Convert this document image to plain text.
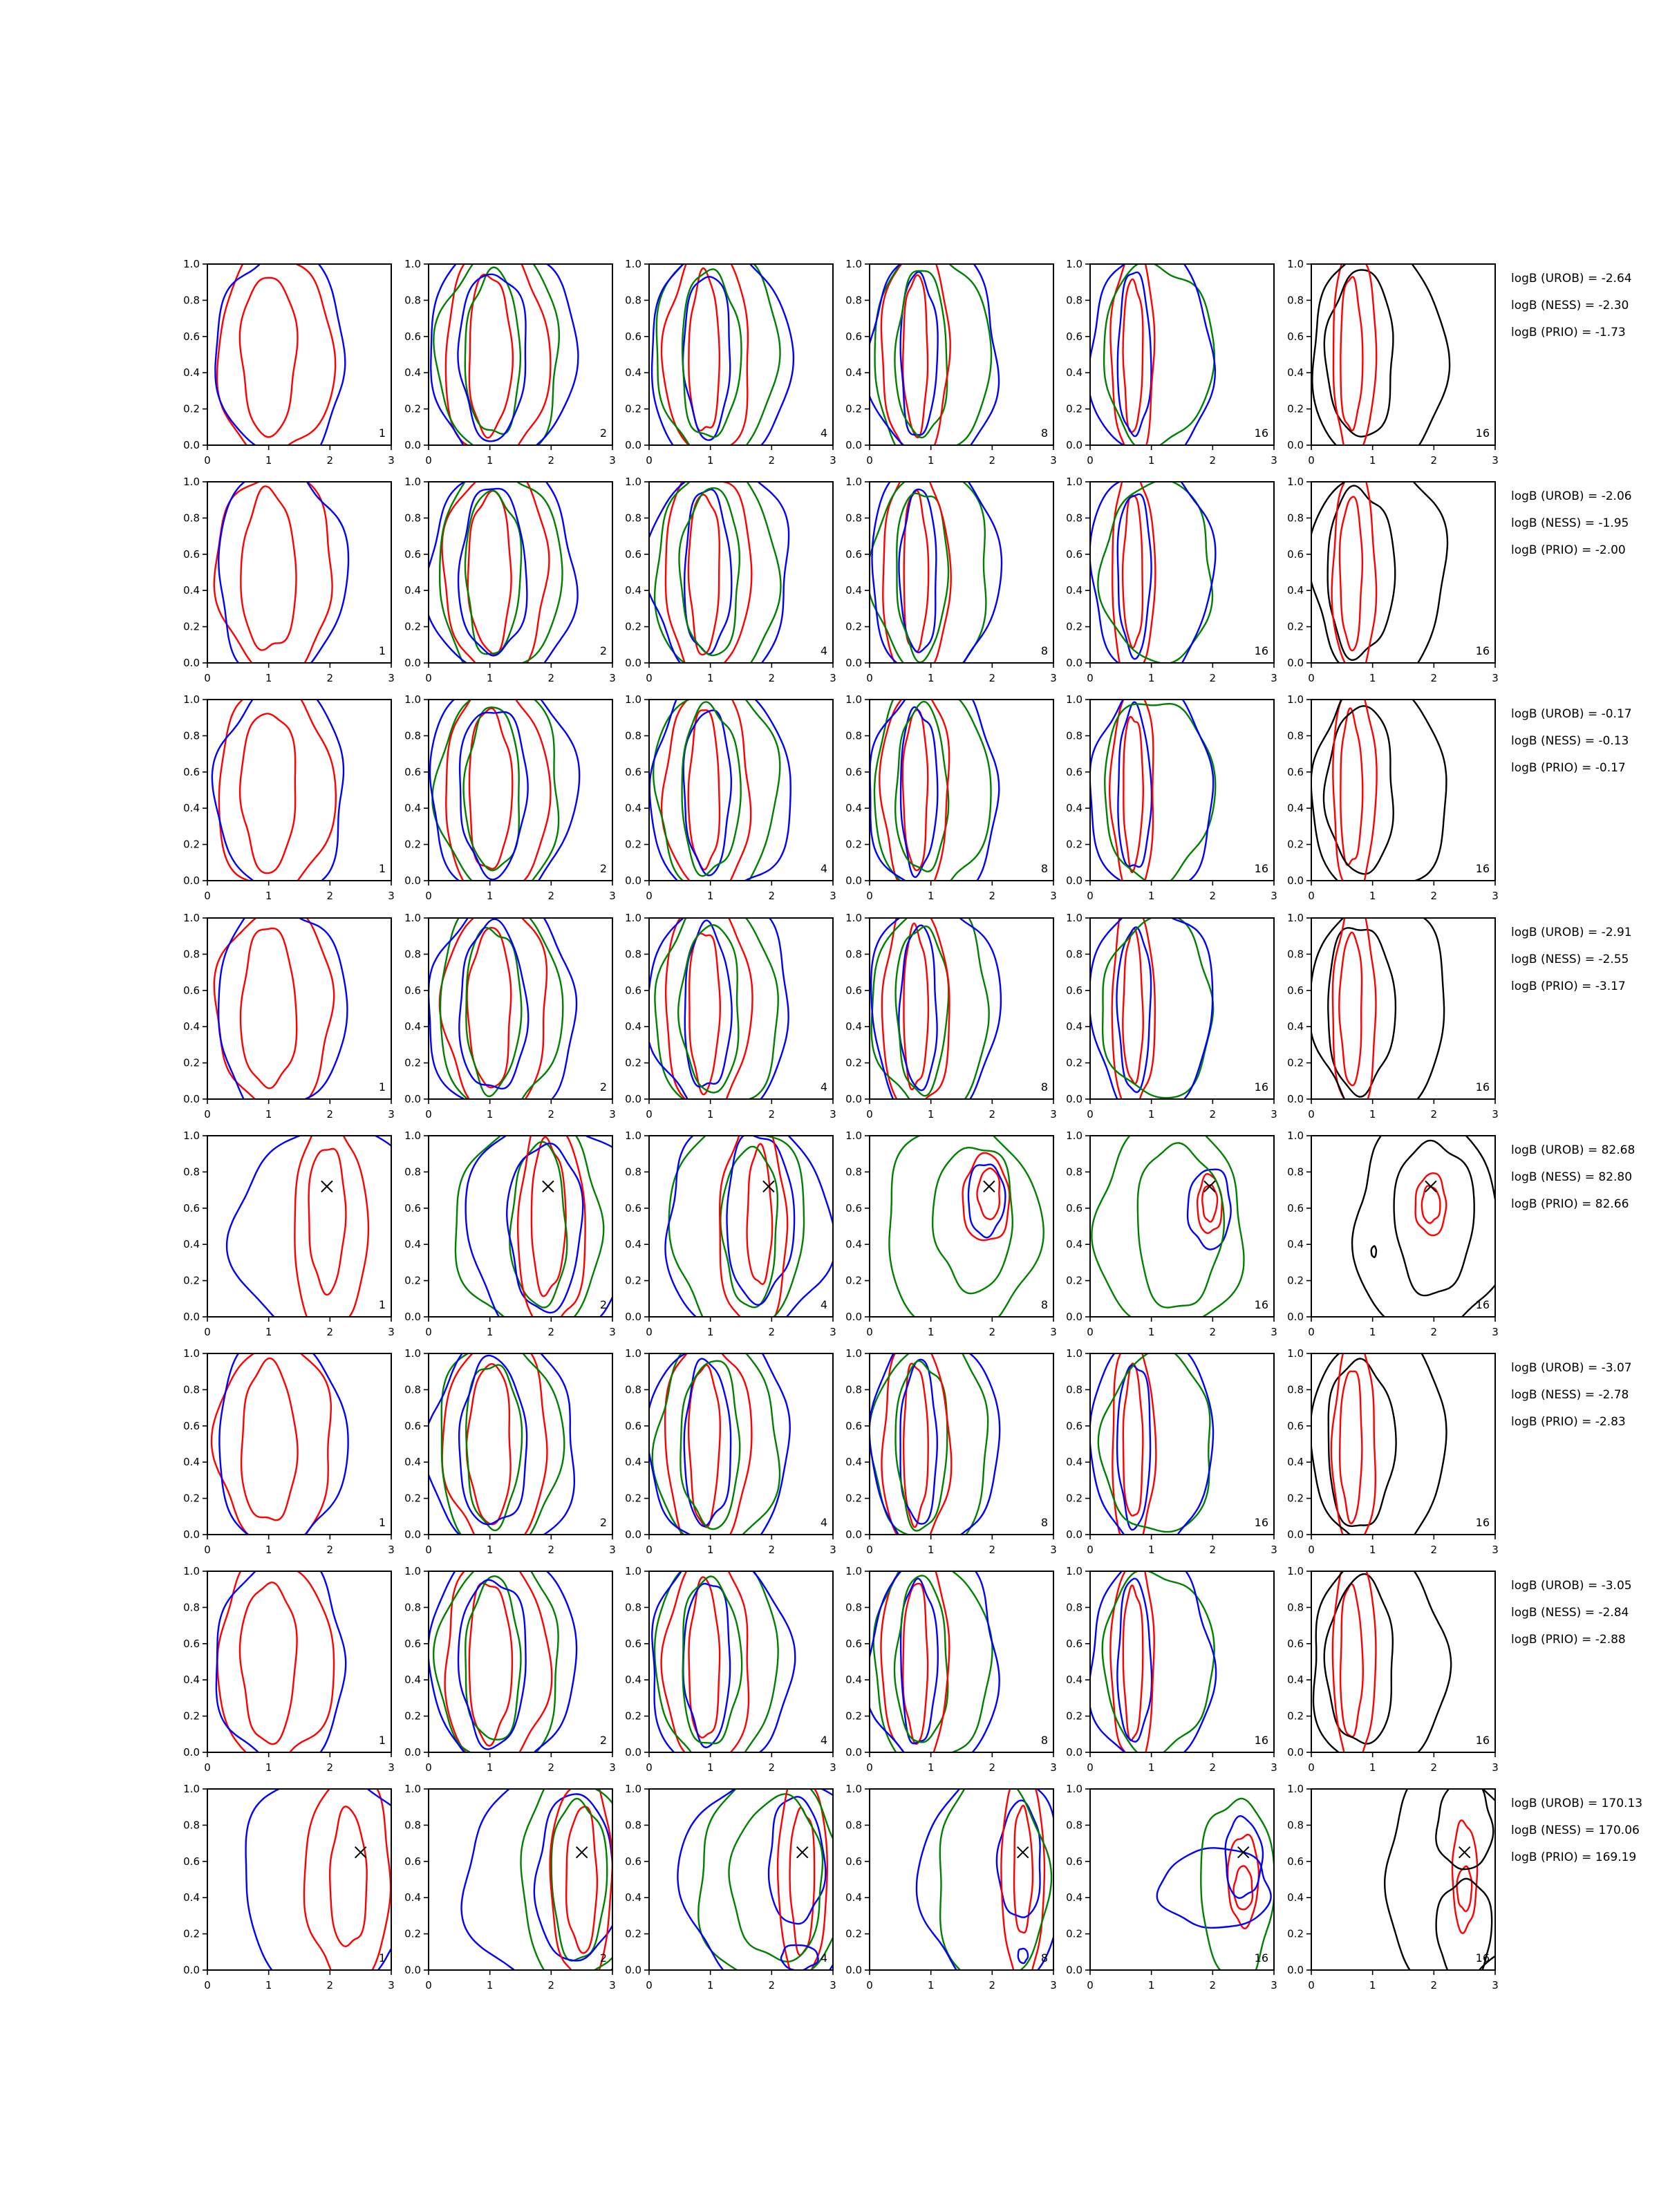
0	1	2	3
0.0
0.2
0.4
0.6
0.8
1.0
1
0	1	2	3
0.0
0.2
0.4
0.6
0.8
1.0
2
0	1	2	3
0.0
0.2
0.4
0.6
0.8
1.0
4
0	1	2	3
0.0
0.2
0.4
0.6
0.8
1.0
8
0	1	2	3
0.0
0.2
0.4
0.6
0.8
1.0
16
0	1	2	3
0.0
0.2
0.4
0.6
0.8
1.0
16
logB (UROB) = -2.64
logB (NESS) = -2.30
logB (PRIO) = -1.73
0	1	2	3
0.0
0.2
0.4
0.6
0.8
1.0
1
0	1	2	3
0.0
0.2
0.4
0.6
0.8
1.0
2
0	1	2	3
0.0
0.2
0.4
0.6
0.8
1.0
4
0	1	2	3
0.0
0.2
0.4
0.6
0.8
1.0
8
0	1	2	3
0.0
0.2
0.4
0.6
0.8
1.0
16
0	1	2	3
0.0
0.2
0.4
0.6
0.8
1.0
16
logB (UROB) = -2.06
logB (NESS) = -1.95
logB (PRIO) = -2.00
0	1	2	3
0.0
0.2
0.4
0.6
0.8
1.0
1
0	1	2	3
0.0
0.2
0.4
0.6
0.8
1.0
2
0	1	2	3
0.0
0.2
0.4
0.6
0.8
1.0
4
0	1	2	3
0.0
0.2
0.4
0.6
0.8
1.0
8
0	1	2	3
0.0
0.2
0.4
0.6
0.8
1.0
16
0	1	2	3
0.0
0.2
0.4
0.6
0.8
1.0
16
logB (UROB) = -0.17
logB (NESS) = -0.13
logB (PRIO) = -0.17
0	1	2	3
0.0
0.2
0.4
0.6
0.8
1.0
1
0	1	2	3
0.0
0.2
0.4
0.6
0.8
1.0
2
0	1	2	3
0.0
0.2
0.4
0.6
0.8
1.0
4
0	1	2	3
0.0
0.2
0.4
0.6
0.8
1.0
8
0	1	2	3
0.0
0.2
0.4
0.6
0.8
1.0
16
0	1	2	3
0.0
0.2
0.4
0.6
0.8
1.0
16
logB (UROB) = -2.91
logB (NESS) = -2.55
logB (PRIO) = -3.17
0	1	2	3
0.0
0.2
0.4
0.6
0.8
1.0
1
0	1	2	3
0.0
0.2
0.4
0.6
0.8
1.0
2
0	1	2	3
0.0
0.2
0.4
0.6
0.8
1.0
4
0	1	2	3
0.0
0.2
0.4
0.6
0.8
1.0
8
0	1	2	3
0.0
0.2
0.4
0.6
0.8
1.0
16
0	1	2	3
0.0
0.2
0.4
0.6
0.8
1.0
16
logB (UROB) = 82.68
logB (NESS) = 82.80
logB (PRIO) = 82.66
0	1	2	3
0.0
0.2
0.4
0.6
0.8
1.0
1
0	1	2	3
0.0
0.2
0.4
0.6
0.8
1.0
2
0	1	2	3
0.0
0.2
0.4
0.6
0.8
1.0
4
0	1	2	3
0.0
0.2
0.4
0.6
0.8
1.0
8
0	1	2	3
0.0
0.2
0.4
0.6
0.8
1.0
16
0	1	2	3
0.0
0.2
0.4
0.6
0.8
1.0
16
logB (UROB) = -3.07
logB (NESS) = -2.78
logB (PRIO) = -2.83
0	1	2	3
0.0
0.2
0.4
0.6
0.8
1.0
1
0	1	2	3
0.0
0.2
0.4
0.6
0.8
1.0
2
0	1	2	3
0.0
0.2
0.4
0.6
0.8
1.0
4
0	1	2	3
0.0
0.2
0.4
0.6
0.8
1.0
8
0	1	2	3
0.0
0.2
0.4
0.6
0.8
1.0
16
0	1	2	3
0.0
0.2
0.4
0.6
0.8
1.0
16
logB (UROB) = -3.05
logB (NESS) = -2.84
logB (PRIO) = -2.88
0	1	2	3
0.0
0.2
0.4
0.6
0.8
1.0
1
0	1	2	3
0.0
0.2
0.4
0.6
0.8
1.0
2
0	1	2	3
0.0
0.2
0.4
0.6
0.8
1.0
4
0	1	2	3
0.0
0.2
0.4
0.6
0.8
1.0
8
0	1	2	3
0.0
0.2
0.4
0.6
0.8
1.0
16
0	1	2	3
0.0
0.2
0.4
0.6
0.8
1.0
16
logB (UROB) = 170.13
logB (NESS) = 170.06
logB (PRIO) = 169.19
